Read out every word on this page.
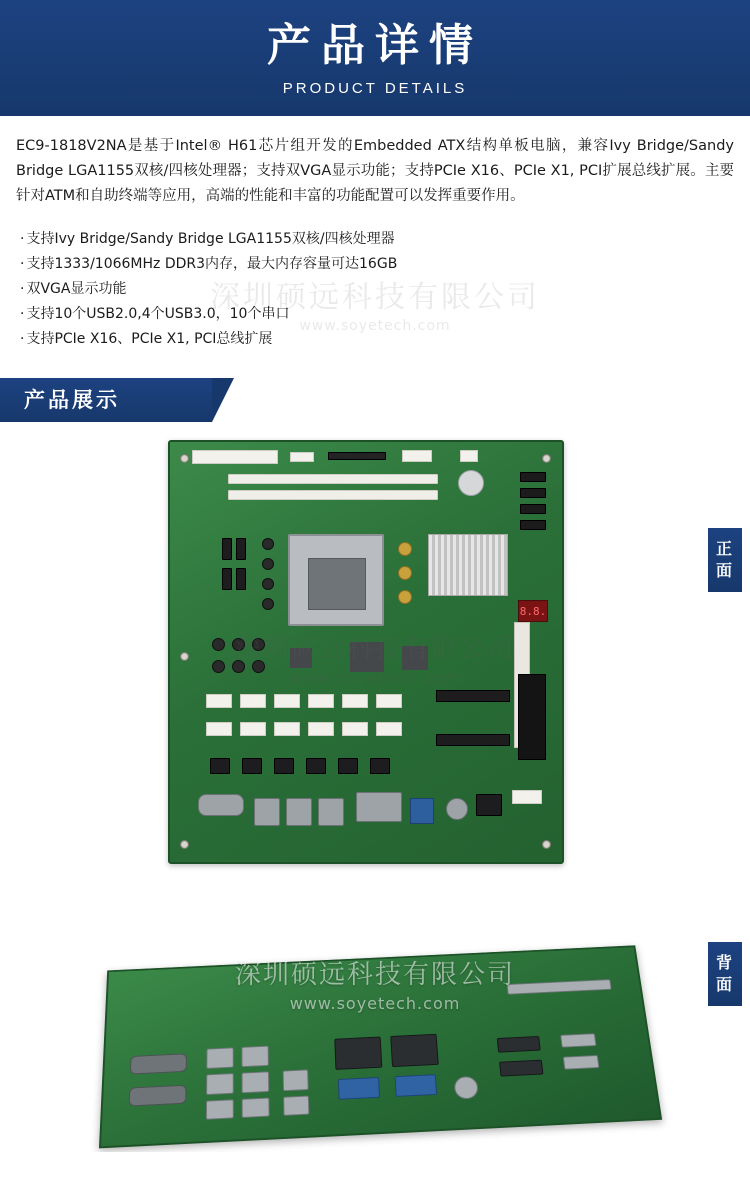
产品详情
PRODUCT DETAILS

EC9-1818V2NA是基于Intel® H61芯片组开发的Embedded ATX结构单板电脑，兼容Ivy Bridge/Sandy Bridge LGA1155双核/四核处理器；支持双VGA显示功能；支持PCIe X16、PCIe X1, PCI扩展总线扩展。主要针对ATM和自助终端等应用，高端的性能和丰富的功能配置可以发挥重要作用。

深圳硕远科技有限公司
www.soyetech.com
· 支持Ivy Bridge/Sandy Bridge LGA1155双核/四核处理器
· 支持1333/1066MHz DDR3内存，最大内存容量可达16GB
· 双VGA显示功能
· 支持10个USB2.0,4个USB3.0，10个串口
· 支持PCIe X16、PCIe X1, PCI总线扩展
产品展示
8.8.
深圳硕远科技有限公司
www.soyetech.com
正
面
深圳硕远科技有限公司
www.soyetech.com
背
面
